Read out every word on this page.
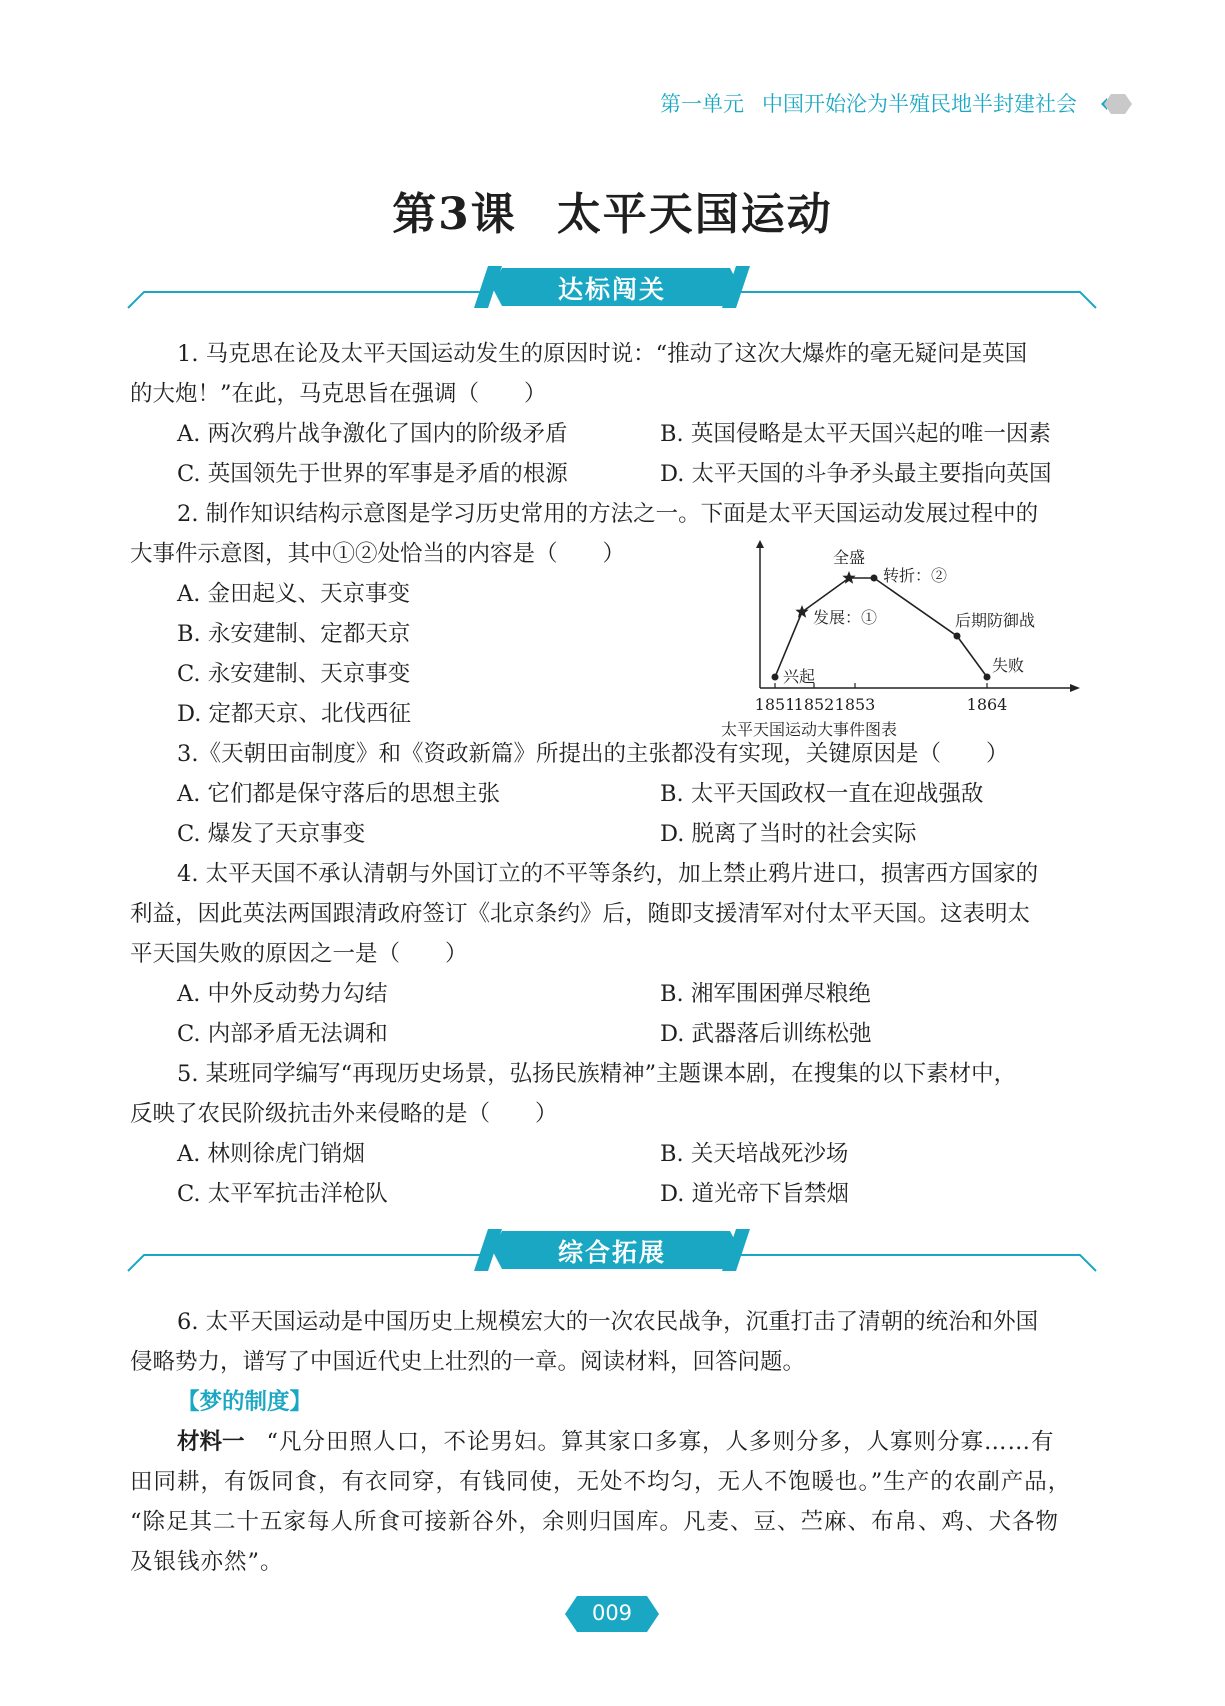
第一单元 中国开始沦为半殖民地半封建社会
第3课 太平天国运动
达标闯关
1. 马克思在论及太平天国运动发生的原因时说：“推动了这次大爆炸的毫无疑问是英国
的大炮！”在此，马克思旨在强调（　　）
A. 两次鸦片战争激化了国内的阶级矛盾	B. 英国侵略是太平天国兴起的唯一因素
C. 英国领先于世界的军事是矛盾的根源	D. 太平天国的斗争矛头最主要指向英国
2. 制作知识结构示意图是学习历史常用的方法之一。下面是太平天国运动发展过程中的
大事件示意图，其中①②处恰当的内容是（　　）
A. 金田起义、天京事变
B. 永安建制、定都天京
C. 永安建制、天京事变
D. 定都天京、北伐西征
兴起
发展：①
全盛
转折：②
后期防御战
失败
1851
1852 1853	1864
太平天国运动大事件图表
3.《天朝田亩制度》和《资政新篇》所提出的主张都没有实现，关键原因是（　　）
A. 它们都是保守落后的思想主张	B. 太平天国政权一直在迎战强敌
C. 爆发了天京事变	D. 脱离了当时的社会实际
4. 太平天国不承认清朝与外国订立的不平等条约，加上禁止鸦片进口，损害西方国家的
利益，因此英法两国跟清政府签订《北京条约》后，随即支援清军对付太平天国。这表明太
平天国失败的原因之一是（　　）
A. 中外反动势力勾结	B. 湘军围困弹尽粮绝
C. 内部矛盾无法调和	D. 武器落后训练松弛
5. 某班同学编写“再现历史场景，弘扬民族精神”主题课本剧，在搜集的以下素材中，
反映了农民阶级抗击外来侵略的是（　　）
A. 林则徐虎门销烟	B. 关天培战死沙场
C. 太平军抗击洋枪队	D. 道光帝下旨禁烟
综合拓展
6. 太平天国运动是中国历史上规模宏大的一次农民战争，沉重打击了清朝的统治和外国
侵略势力，谱写了中国近代史上壮烈的一章。阅读材料，回答问题。
【梦的制度】
材料一 “凡分田照人口，不论男妇。算其家口多寡，人多则分多，人寡则分寡……有
田同耕，有饭同食，有衣同穿，有钱同使，无处不均匀，无人不饱暖也。”生产的农副产品，
“除足其二十五家每人所食可接新谷外，余则归国库。凡麦、豆、苎麻、布帛、鸡、犬各物
及银钱亦然”。
009
